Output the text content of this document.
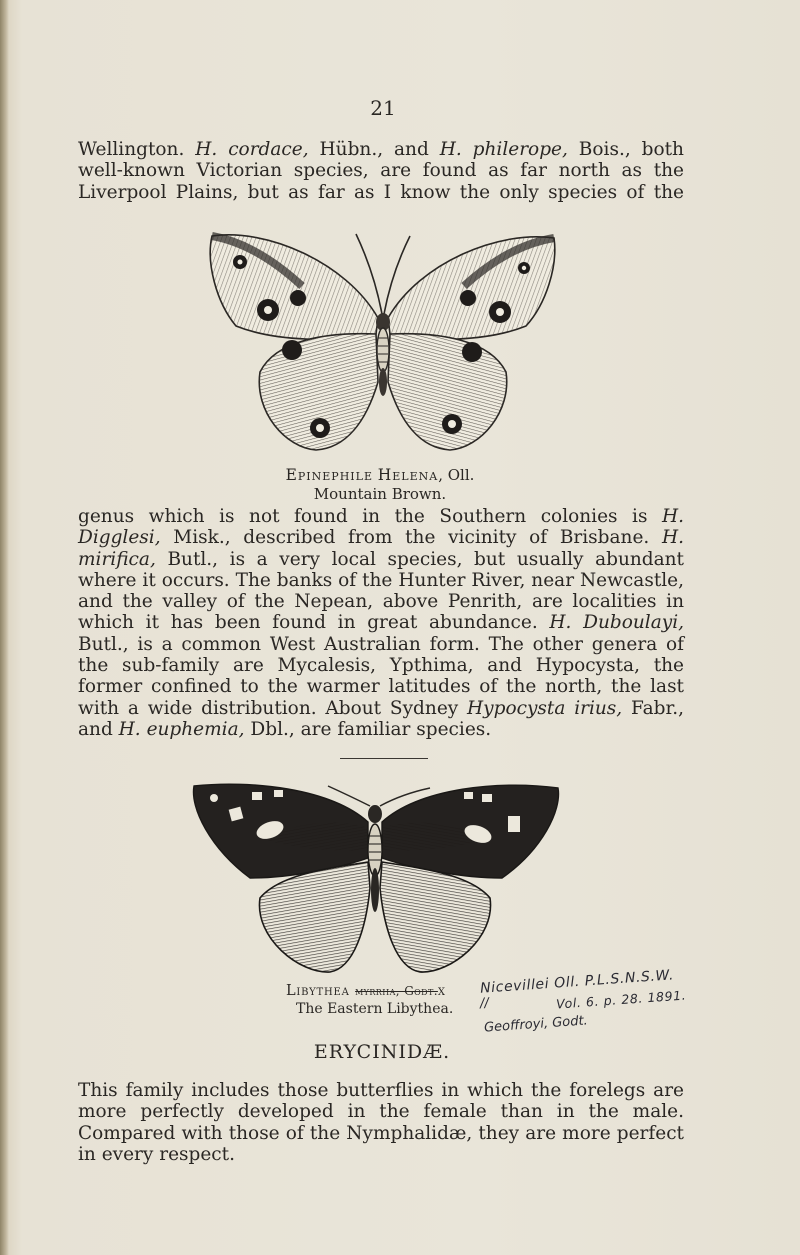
21
Wellington. H. cordace, Hübn., and H. philerope, Bois., both
well-known Victorian species, are found as far north as the
Liverpool Plains, but as far as I know the only species of the
Epinephile Helena, Oll.
Mountain Brown.
genus which is not found in the Southern colonies is H. Digglesi, Misk., described from the vicinity of Brisbane. H. mirifica, Butl., is a very local species, but usually abundant where it occurs. The banks of the Hunter River, near Newcastle, and the valley of the Nepean, above Penrith, are localities in which it has been found in great abundance. H. Duboulayi, Butl., is a common West Australian form. The other genera of the sub-family are Mycalesis, Ypthima, and Hypocysta, the former confined to the warmer latitudes of the north, the last with a wide distribution. About Sydney Hypocysta irius, Fabr., and H. euphemia, Dbl., are familiar species.
Libythea myrrha, Godt.x
The Eastern Libythea.
Nicevillei Oll. P.L.S.N.S.W.
//	Vol. 6. p. 28. 1891.
Geoffroyi, Godt.
ERYCINIDÆ.
This family includes those butterflies in which the forelegs are more perfectly developed in the female than in the male. Compared with those of the Nymphalidæ, they are more perfect in every respect.
